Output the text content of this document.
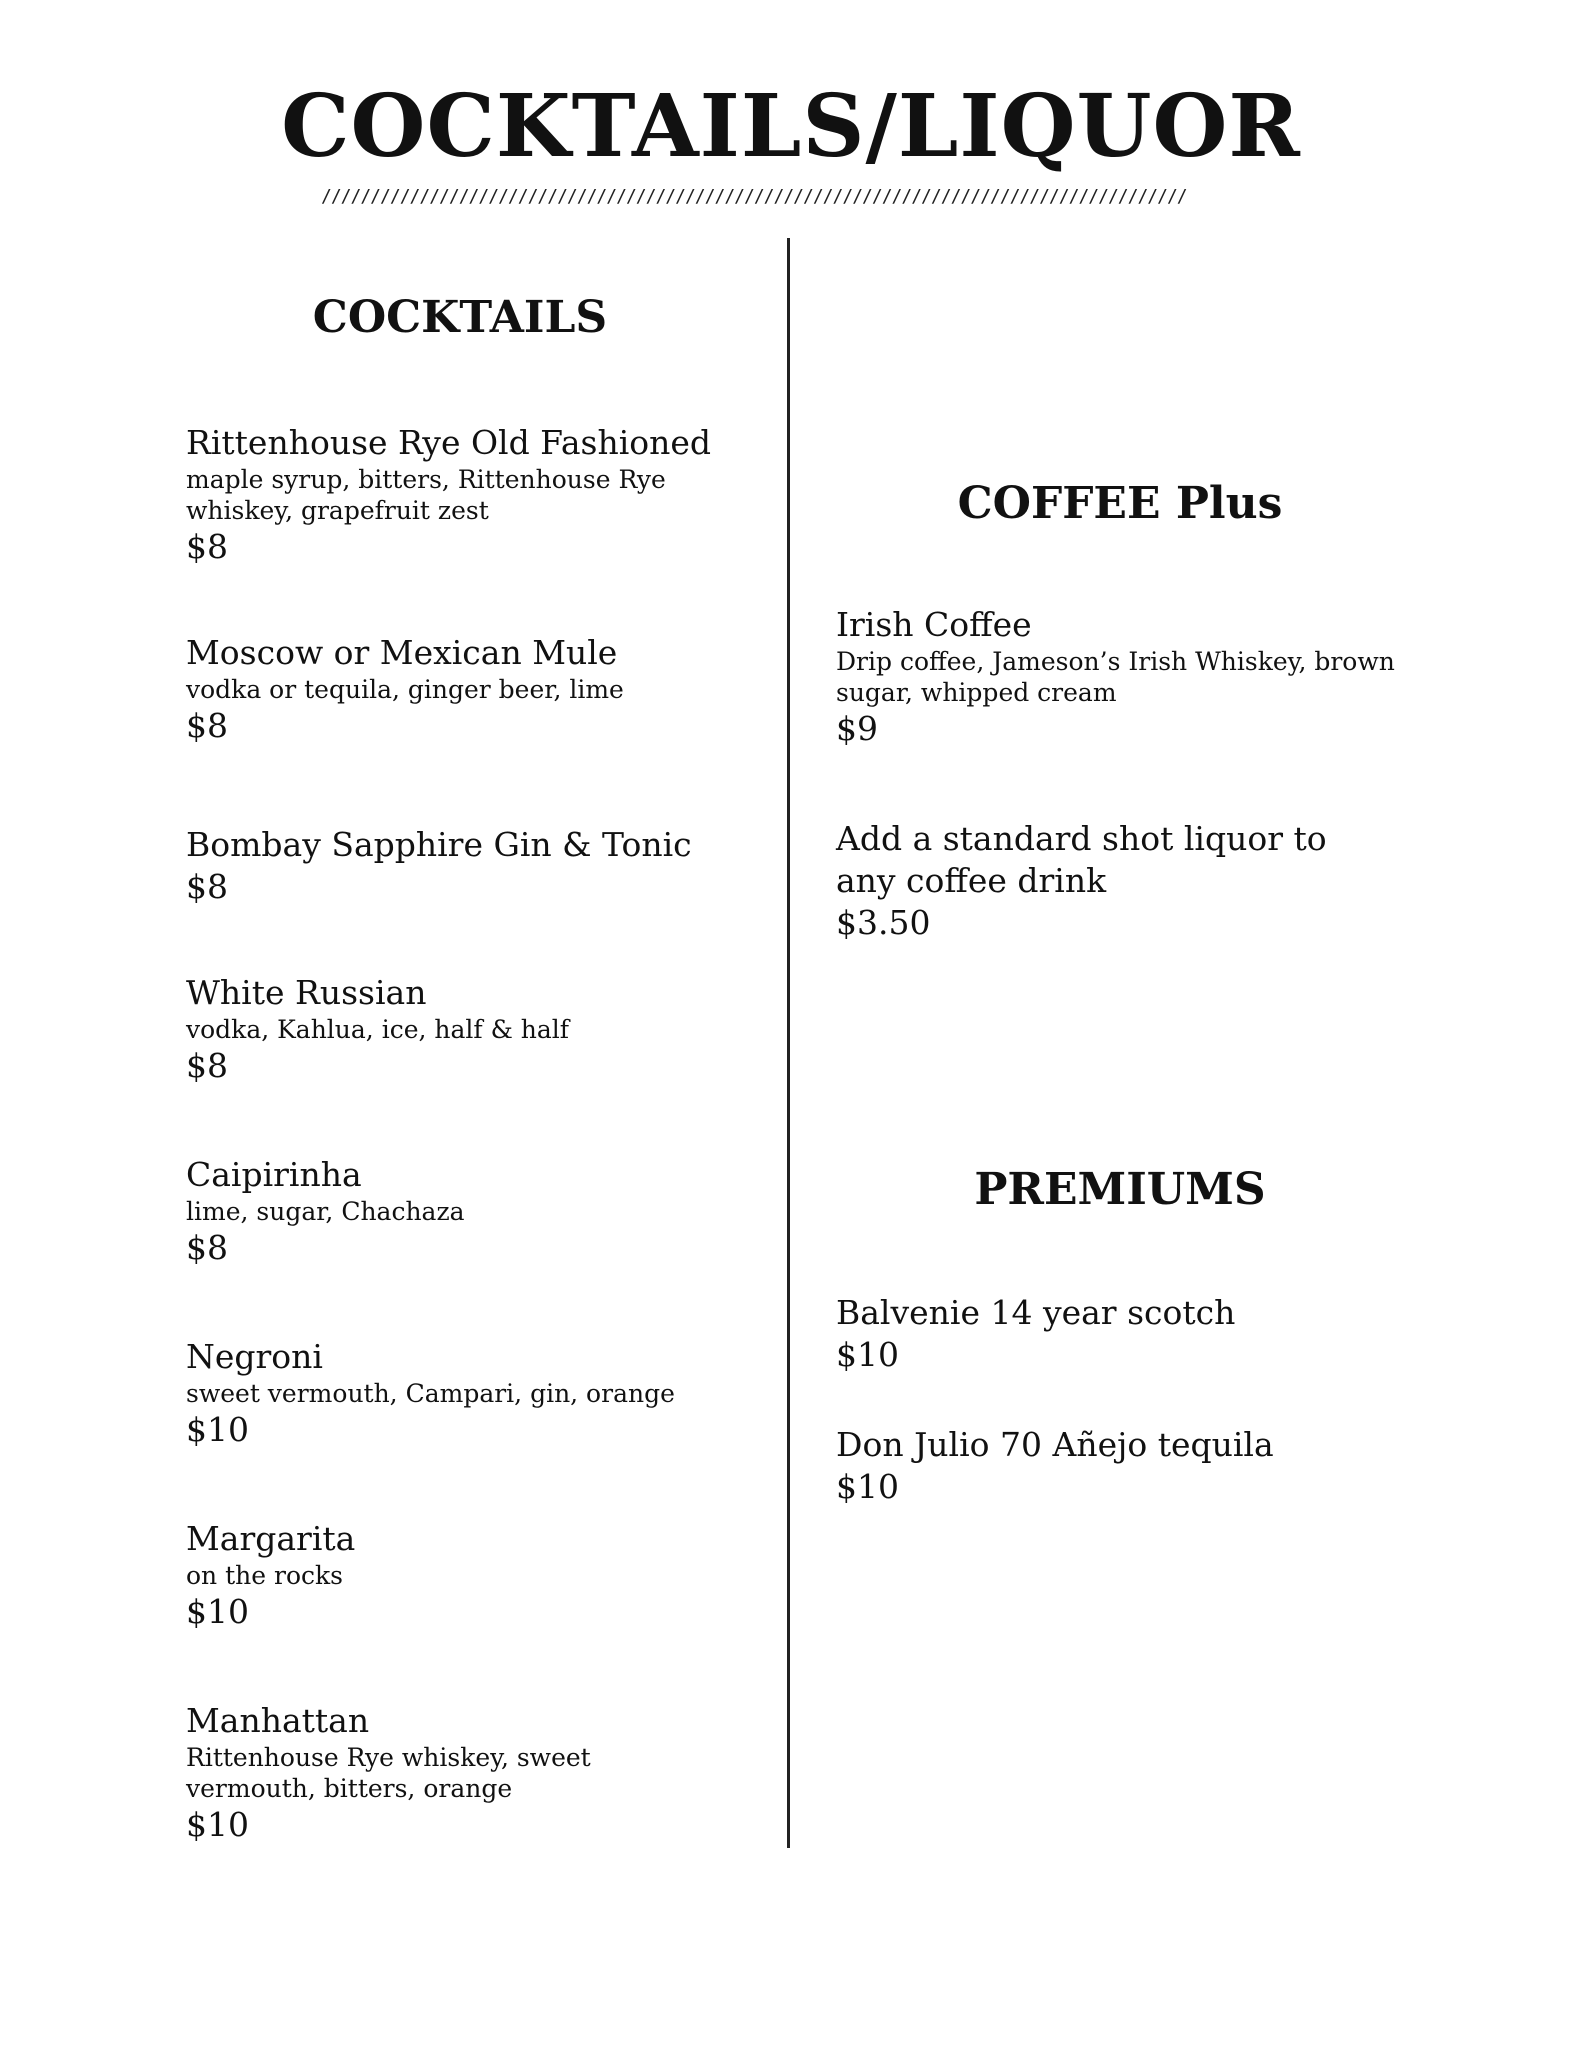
COCKTAILS/LIQUOR
////////////////////////////////////////////////////////////////////////////////////////
COCKTAILS
Rittenhouse Rye Old Fashioned
maple syrup, bitters, Rittenhouse Rye whiskey, grapefruit zest
$8
Moscow or Mexican Mule
vodka or tequila, ginger beer, lime
$8
Bombay Sapphire Gin & Tonic
$8
White Russian
vodka, Kahlua, ice, half & half
$8
Caipirinha
lime, sugar, Chachaza
$8
Negroni
sweet vermouth, Campari, gin, orange
$10
Margarita
on the rocks
$10
Manhattan
Rittenhouse Rye whiskey, sweet vermouth, bitters, orange
$10
COFFEE Plus
Irish Coffee
Drip coffee, Jameson’s Irish Whiskey, brown sugar, whipped cream
$9
Add a standard shot liquor to any coffee drink
$3.50
PREMIUMS
Balvenie 14 year scotch
$10
Don Julio 70 Añejo tequila
$10
